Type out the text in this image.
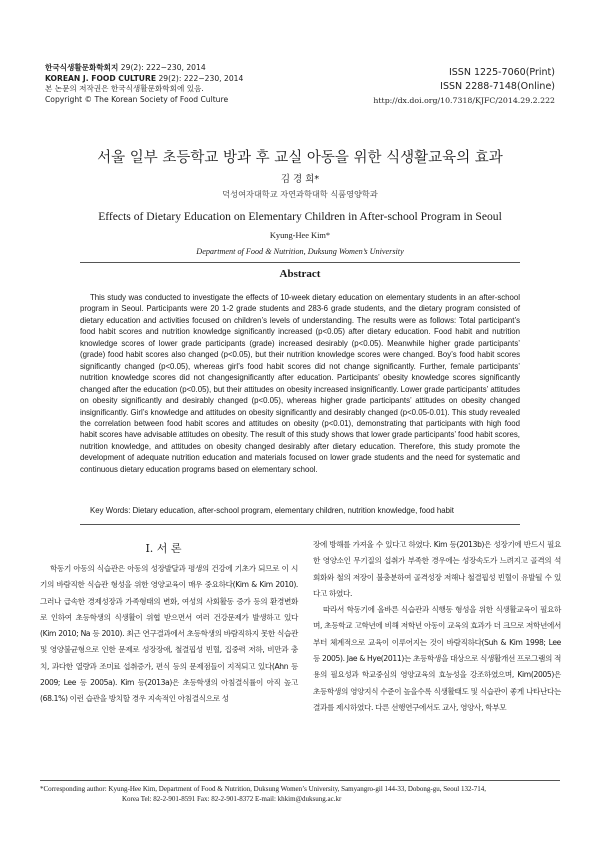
한국식생활문화학회지 29(2): 222−230, 2014
KOREAN J. FOOD CULTURE 29(2): 222−230, 2014
본 논문의 저작권은 한국식생활문화학회에 있음.
Copyright © The Korean Society of Food Culture
ISSN 1225-7060(Print)
ISSN 2288-7148(Online)
http://dx.doi.org/10.7318/KJFC/2014.29.2.222
서울 일부 초등학교 방과 후 교실 아동을 위한 식생활교육의 효과
김 경 희*
덕성여자대학교 자연과학대학 식품영양학과
Effects of Dietary Education on Elementary Children in After-school Program in Seoul
Kyung-Hee Kim*
Department of Food & Nutrition, Duksung Women’s University
Abstract

This study was conducted to investigate the effects of 10-week dietary education on elementary students in an after-school program in Seoul. Participants were 20 1-2 grade students and 283-6 grade students, and the dietary program consisted of dietary education and activities focused on children’s levels of understanding. The results were as follows: Total participant’s food habit scores and nutrition knowledge significantly increased (p<0.05) after dietary education. Food habit and nutrition knowledge scores of lower grade participants (grade) increased desirably (p<0.05). Meanwhile higher grade participants’ (grade) food habit scores also changed (p<0.05), but their nutrition knowledge scores were changed. Boy’s food habit scores significantly changed (p<0.05), whereas girl’s food habit scores did not change significantly. Further, female participants’ nutrition knowledge scores did not changesignificantly after education. Participants’ obesity knowledge scores significantly changed after the education (p<0.05), but their attitudes on obesity increased insignificantly. Lower grade participants’ attitudes on obesity significantly and desirably changed (p<0.05), whereas higher grade participants’ attitudes on obesity changed insignificantly. Girl’s knowledge and attitudes on obesity significantly and desirably changed (p<0.05-0.01). This study revealed the correlation between food habit scores and attitudes on obesity (p<0.01), demonstrating that participants with high food habit scores have advisable attitudes on obesity. The result of this study shows that lower grade participants’ food habit scores, nutrition knowledge, and attitudes on obesity changed desirably after dietary education. Therefore, this study promote the development of adequate nutrition education and materials focused on lower grade students and the need for systematic and continuous dietary education programs based on elementary school.

Key Words: Dietary education, after-school program, elementary children, nutrition knowledge, food habit
I. 서 론

학동기 아동의 식습관은 아동의 성장발달과 평생의 건강에 기초가 되므로 이 시기의 바람직한 식습관 형성을 위한 영양교육이 매우 중요하다(Kim & Kim 2010). 그러나 급속한 경제성장과 가족형태의 변화, 여성의 사회활동 증가 등의 환경변화로 인하여 초등학생의 식생활이 위협 받으면서 여러 건강문제가 발생하고 있다(Kim 2010; Na 등 2010). 최근 연구결과에서 초등학생의 바람직하지 못한 식습관 및 영양불균형으로 인한 문제로 성장장애, 철결핍성 빈혈, 집중력 저하, 비만과 충치, 과다한 열량과 조미료 섭취증가, 편식 등의 문제점들이 지적되고 있다(Ahn 등 2009; Lee 등 2005a). Kim 등(2013a)은 초등학생의 아침결식률이 아직 높고 (68.1%) 이런 습관을 방치할 경우 지속적인 아침결식으로 성

장에 방해를 가져올 수 있다고 하였다. Kim 등(2013b)은 성장기에 반드시 필요한 영양소인 무기질의 섭취가 부족한 경우에는 성장속도가 느려지고 골격의 석회화와 철의 저장이 불충분하여 골격성장 저해나 철결핍성 빈혈이 유발될 수 있다고 하였다.

따라서 학동기에 올바른 식습관과 식행동 형성을 위한 식생활교육이 필요하며, 초등학교 고학년에 비해 저학년 아동이 교육의 효과가 더 크므로 저학년에서부터 체계적으로 교육이 이루어지는 것이 바람직하다(Suh & Kim 1998; Lee 등 2005). Jae & Hye(2011)는 초등학생을 대상으로 식생활개선 프로그램의 적용의 필요성과 학교중심의 영양교육의 효능성을 강조하였으며, Kim(2005)은 초등학생의 영양지식 수준이 높을수록 식생활태도 및 식습관이 좋게 나타난다는 결과를 제시하였다. 다른 선행연구에서도 교사, 영양사, 학부모

*Corresponding author: Kyung-Hee Kim, Department of Food & Nutrition, Duksung Women’s University, Samyangro-gil 144-33, Dobong-gu, Seoul 132-714,
Korea Tel: 82-2-901-8591 Fax: 82-2-901-8372 E-mail: khkim@duksung.ac.kr
